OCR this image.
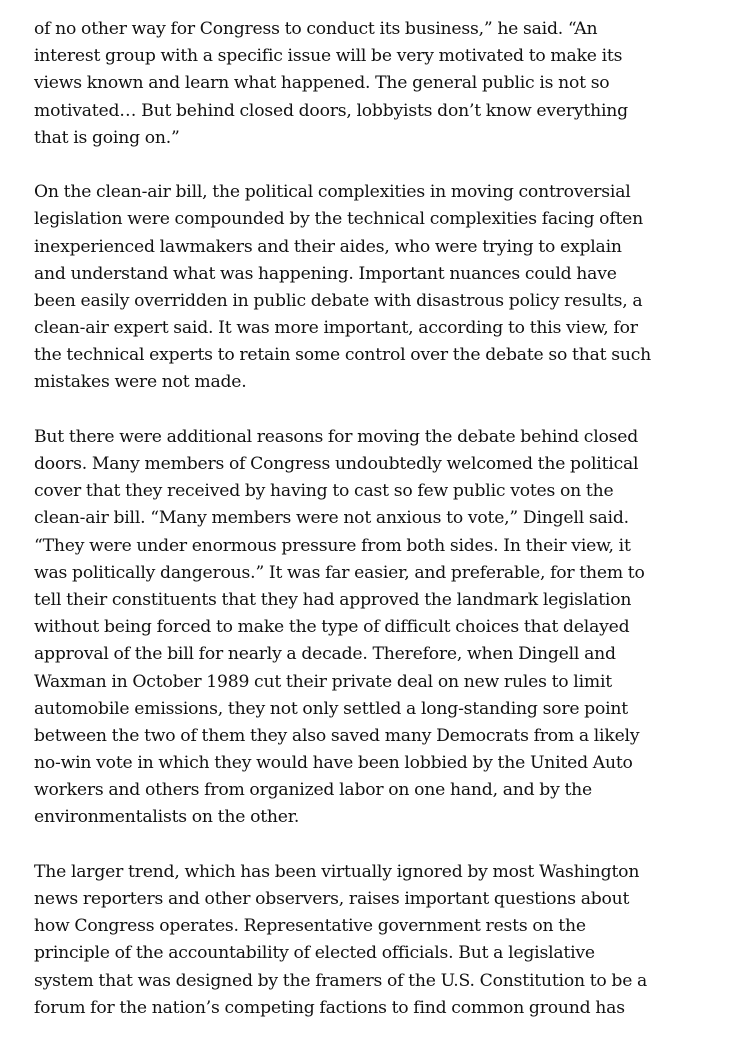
of no other way for Congress to conduct its business,” he said. “An
interest group with a specific issue will be very motivated to make its
views known and learn what happened. The general public is not so
motivated… But behind closed doors, lobbyists don’t know everything
that is going on.”

On the clean-air bill, the political complexities in moving controversial
legislation were compounded by the technical complexities facing often
inexperienced lawmakers and their aides, who were trying to explain
and understand what was happening. Important nuances could have
been easily overridden in public debate with disastrous policy results, a
clean-air expert said. It was more important, according to this view, for
the technical experts to retain some control over the debate so that such
mistakes were not made.

But there were additional reasons for moving the debate behind closed
doors. Many members of Congress undoubtedly welcomed the political
cover that they received by having to cast so few public votes on the
clean-air bill. “Many members were not anxious to vote,” Dingell said.
“They were under enormous pressure from both sides. In their view, it
was politically dangerous.” It was far easier, and preferable, for them to
tell their constituents that they had approved the landmark legislation
without being forced to make the type of difficult choices that delayed
approval of the bill for nearly a decade. Therefore, when Dingell and
Waxman in October 1989 cut their private deal on new rules to limit
automobile emissions, they not only settled a long-standing sore point
between the two of them they also saved many Democrats from a likely
no-win vote in which they would have been lobbied by the United Auto
workers and others from organized labor on one hand, and by the
environmentalists on the other.

The larger trend, which has been virtually ignored by most Washington
news reporters and other observers, raises important questions about
how Congress operates. Representative government rests on the
principle of the accountability of elected officials. But a legislative
system that was designed by the framers of the U.S. Constitution to be a
forum for the nation’s competing factions to find common ground has
